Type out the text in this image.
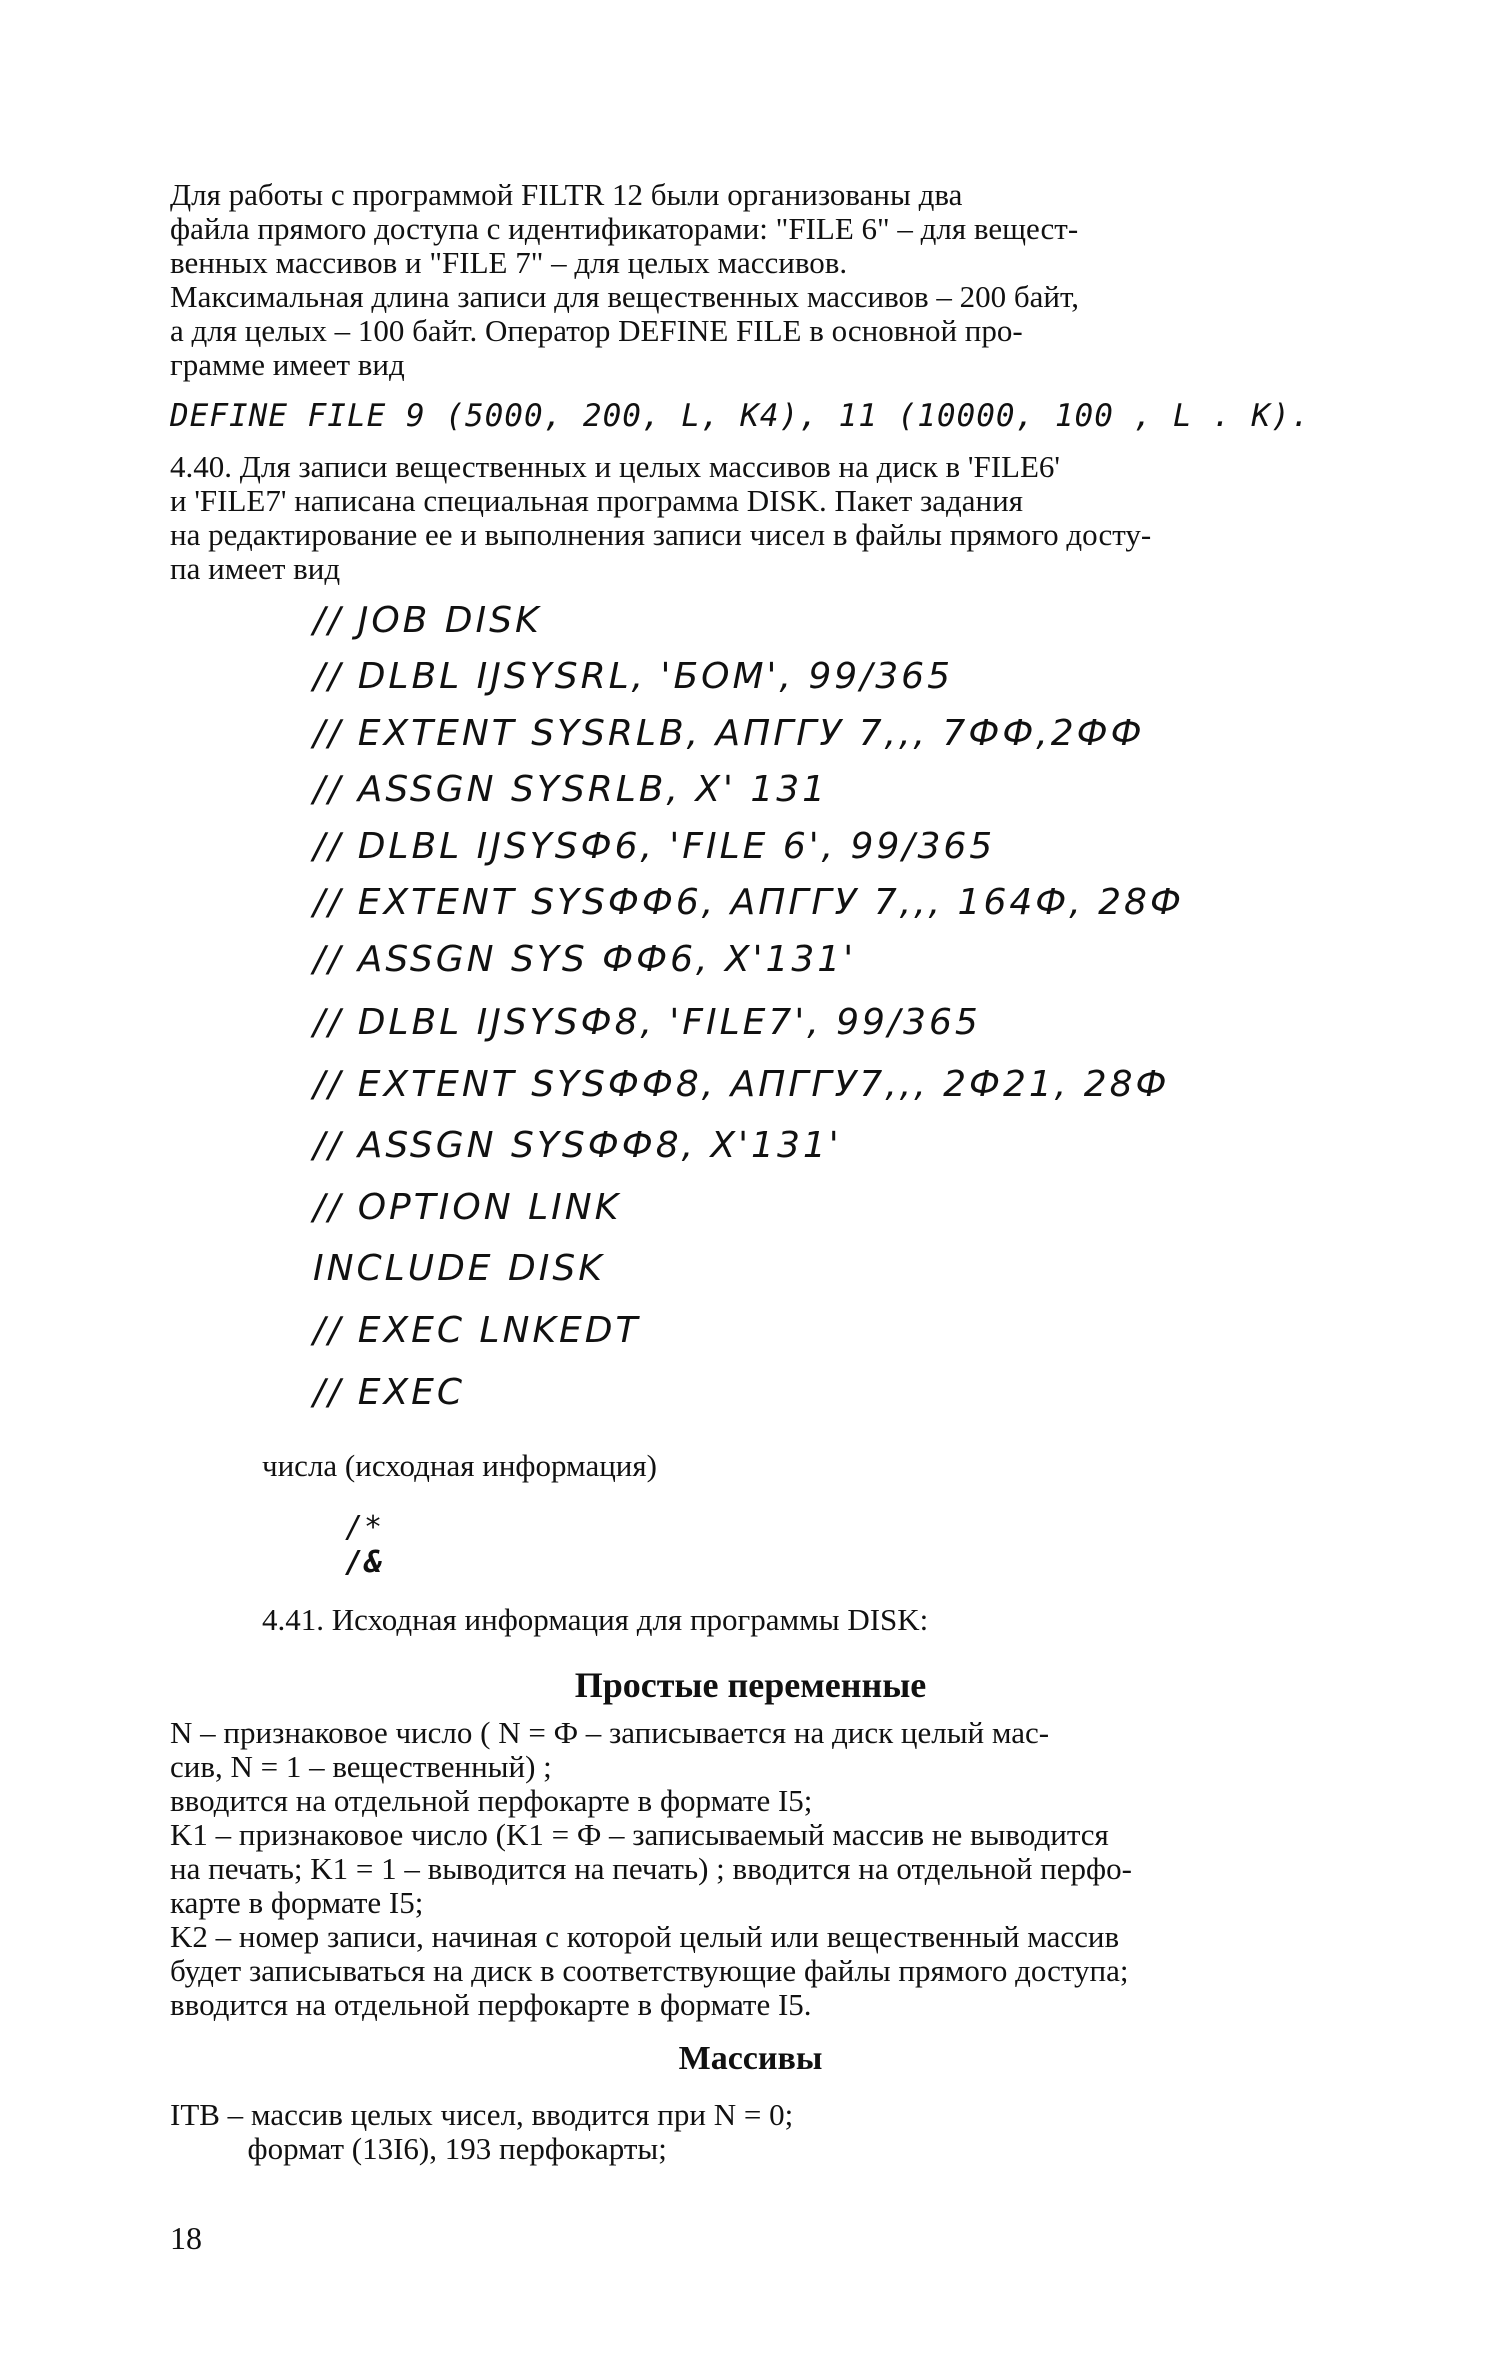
Для работы с программой FILTR 12 были организованы два
файла прямого доступа с идентификаторами: "FILE 6" – для вещест-
венных массивов и "FILE 7" – для целых массивов.
Максимальная длина записи для вещественных массивов – 200 байт,
а для целых – 100 байт. Оператор DEFINE FILE в основной про-
грамме имеет вид
DEFINE FILE 9 (5000, 200, L, K4), 11 (10000, 100 , L . K).
4.40. Для записи вещественных и целых массивов на диск в 'FILE6'
и 'FILE7' написана специальная программа DISK. Пакет задания
на редактирование ее и выполнения записи чисел в файлы прямого досту-
па имеет вид
// JOB DISK
// DLBL IJSYSRL, 'БОМ', 99/365
// EXTENT SYSRLB, АПГГУ 7,,, 7ФФ,2ФФ
// ASSGN SYSRLB, X' 131
// DLBL IJSYSФ6, 'FILE 6', 99/365
// EXTENT SYSФФ6, АПГГУ 7,,, 164Ф, 28Ф
// ASSGN SYS ФФ6, X'131'
// DLBL IJSYSФ8, 'FILE7', 99/365
// EXTENT SYSФФ8, АПГГУ7,,, 2Ф21, 28Ф
// ASSGN SYSФФ8, X'131'
// OPTION LINK
INCLUDE DISK
// EXEC LNKEDT
// EXEC
числа (исходная информация)
/*
/&
4.41. Исходная информация для программы DISK:
Простые переменные
N – признаковое число ( N = Ф – записывается на диск целый мас-
сив, N = 1 – вещественный) ;
вводится на отдельной перфокарте в формате I5;
K1 – признаковое число (K1 = Ф – записываемый массив не выводится
на печать; K1 = 1 – выводится на печать) ; вводится на отдельной перфо-
карте в формате I5;
K2 – номер записи, начиная с которой целый или вещественный массив
будет записываться на диск в соответствующие файлы прямого доступа;
вводится на отдельной перфокарте в формате I5.
Массивы
ITB – массив целых чисел, вводится при N = 0;
формат (13I6), 193 перфокарты;
18
